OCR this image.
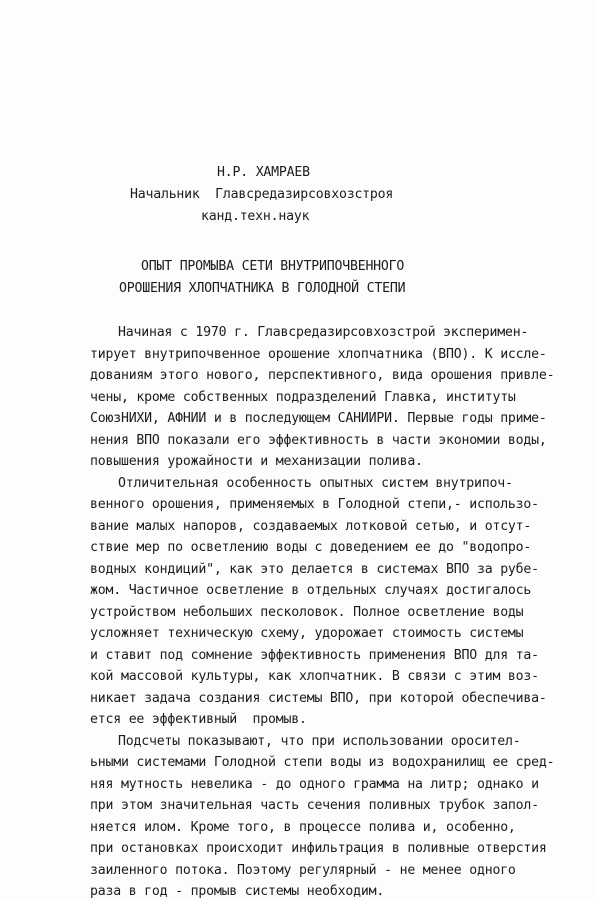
Н.Р. ХАМРАЕВ
Начальник  Главсредазирсовхозстроя
канд.техн.наук
ОПЫТ ПРОМЫВА СЕТИ ВНУТРИПОЧВЕННОГО
ОРОШЕНИЯ ХЛОПЧАТНИКА В ГОЛОДНОЙ СТЕПИ
Начиная с 1970 г. Главсредазирсовхозстрой эксперимен-
тирует внутрипочвенное орошение хлопчатника (ВПО). К иссле-
дованиям этого нового, перспективного, вида орошения привле-
чены, кроме собственных подразделений Главка, институты
СоюзНИХИ, АФНИИ и в последующем САНИИРИ. Первые годы приме-
нения ВПО показали его эффективность в части экономии воды,
повышения урожайности и механизации полива.
Отличительная особенность опытных систем внутрипоч-
венного орошения, применяемых в Голодной степи,- использо-
вание малых напоров, создаваемых лотковой сетью, и отсут-
ствие мер по осветлению воды с доведением ее до "водопро-
водных кондиций", как это делается в системах ВПО за рубе-
жом. Частичное осветление в отдельных случаях достигалось
устройством небольших песколовок. Полное осветление воды
усложняет техническую схему, удорожает стоимость системы
и ставит под сомнение эффективность применения ВПО для та-
кой массовой культуры, как хлопчатник. В связи с этим воз-
никает задача создания системы ВПО, при которой обеспечива-
ется ее эффективный  промыв.
Подсчеты показывают, что при использовании оросител-
ьными системами Голодной степи воды из водохранилищ ее сред-
няя мутность невелика - до одного грамма на литр; однако и
при этом значительная часть сечения поливных трубок запол-
няется илом. Кроме того, в процессе полива и, особенно,
при остановках происходит инфильтрация в поливные отверстия
заиленного потока. Поэтому регулярный - не менее одного
раза в год - промыв системы необходим.
